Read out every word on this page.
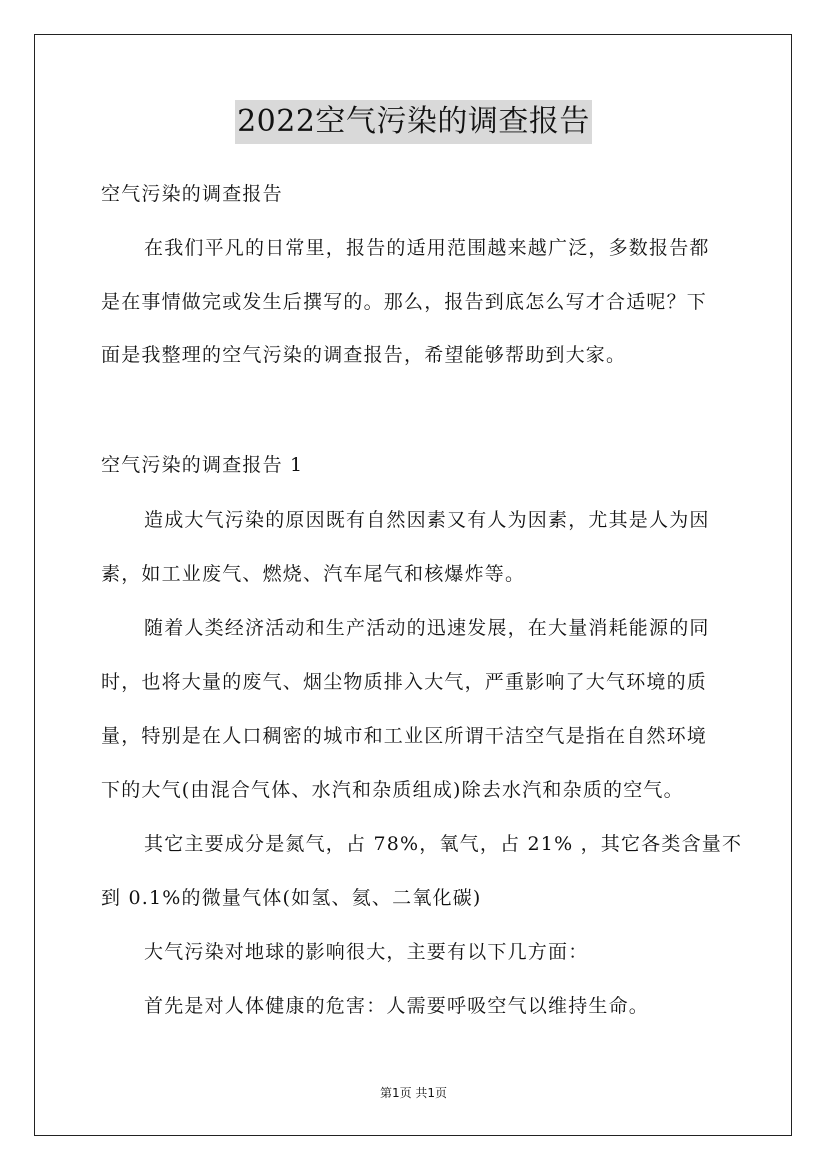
2022空气污染的调查报告
空气污染的调查报告
在我们平凡的日常里，报告的适用范围越来越广泛，多数报告都
是在事情做完或发生后撰写的。那么，报告到底怎么写才合适呢？下
面是我整理的空气污染的调查报告，希望能够帮助到大家。
空气污染的调查报告 1
造成大气污染的原因既有自然因素又有人为因素，尤其是人为因
素，如工业废气、燃烧、汽车尾气和核爆炸等。
随着人类经济活动和生产活动的迅速发展，在大量消耗能源的同
时，也将大量的废气、烟尘物质排入大气，严重影响了大气环境的质
量，特别是在人口稠密的城市和工业区所谓干洁空气是指在自然环境
下的大气(由混合气体、水汽和杂质组成)除去水汽和杂质的空气。
其它主要成分是氮气，占 78%，氧气，占 21% ，其它各类含量不
到 0.1%的微量气体(如氢、氦、二氧化碳)
大气污染对地球的影响很大，主要有以下几方面：
首先是对人体健康的危害：人需要呼吸空气以维持生命。
第1页 共1页
